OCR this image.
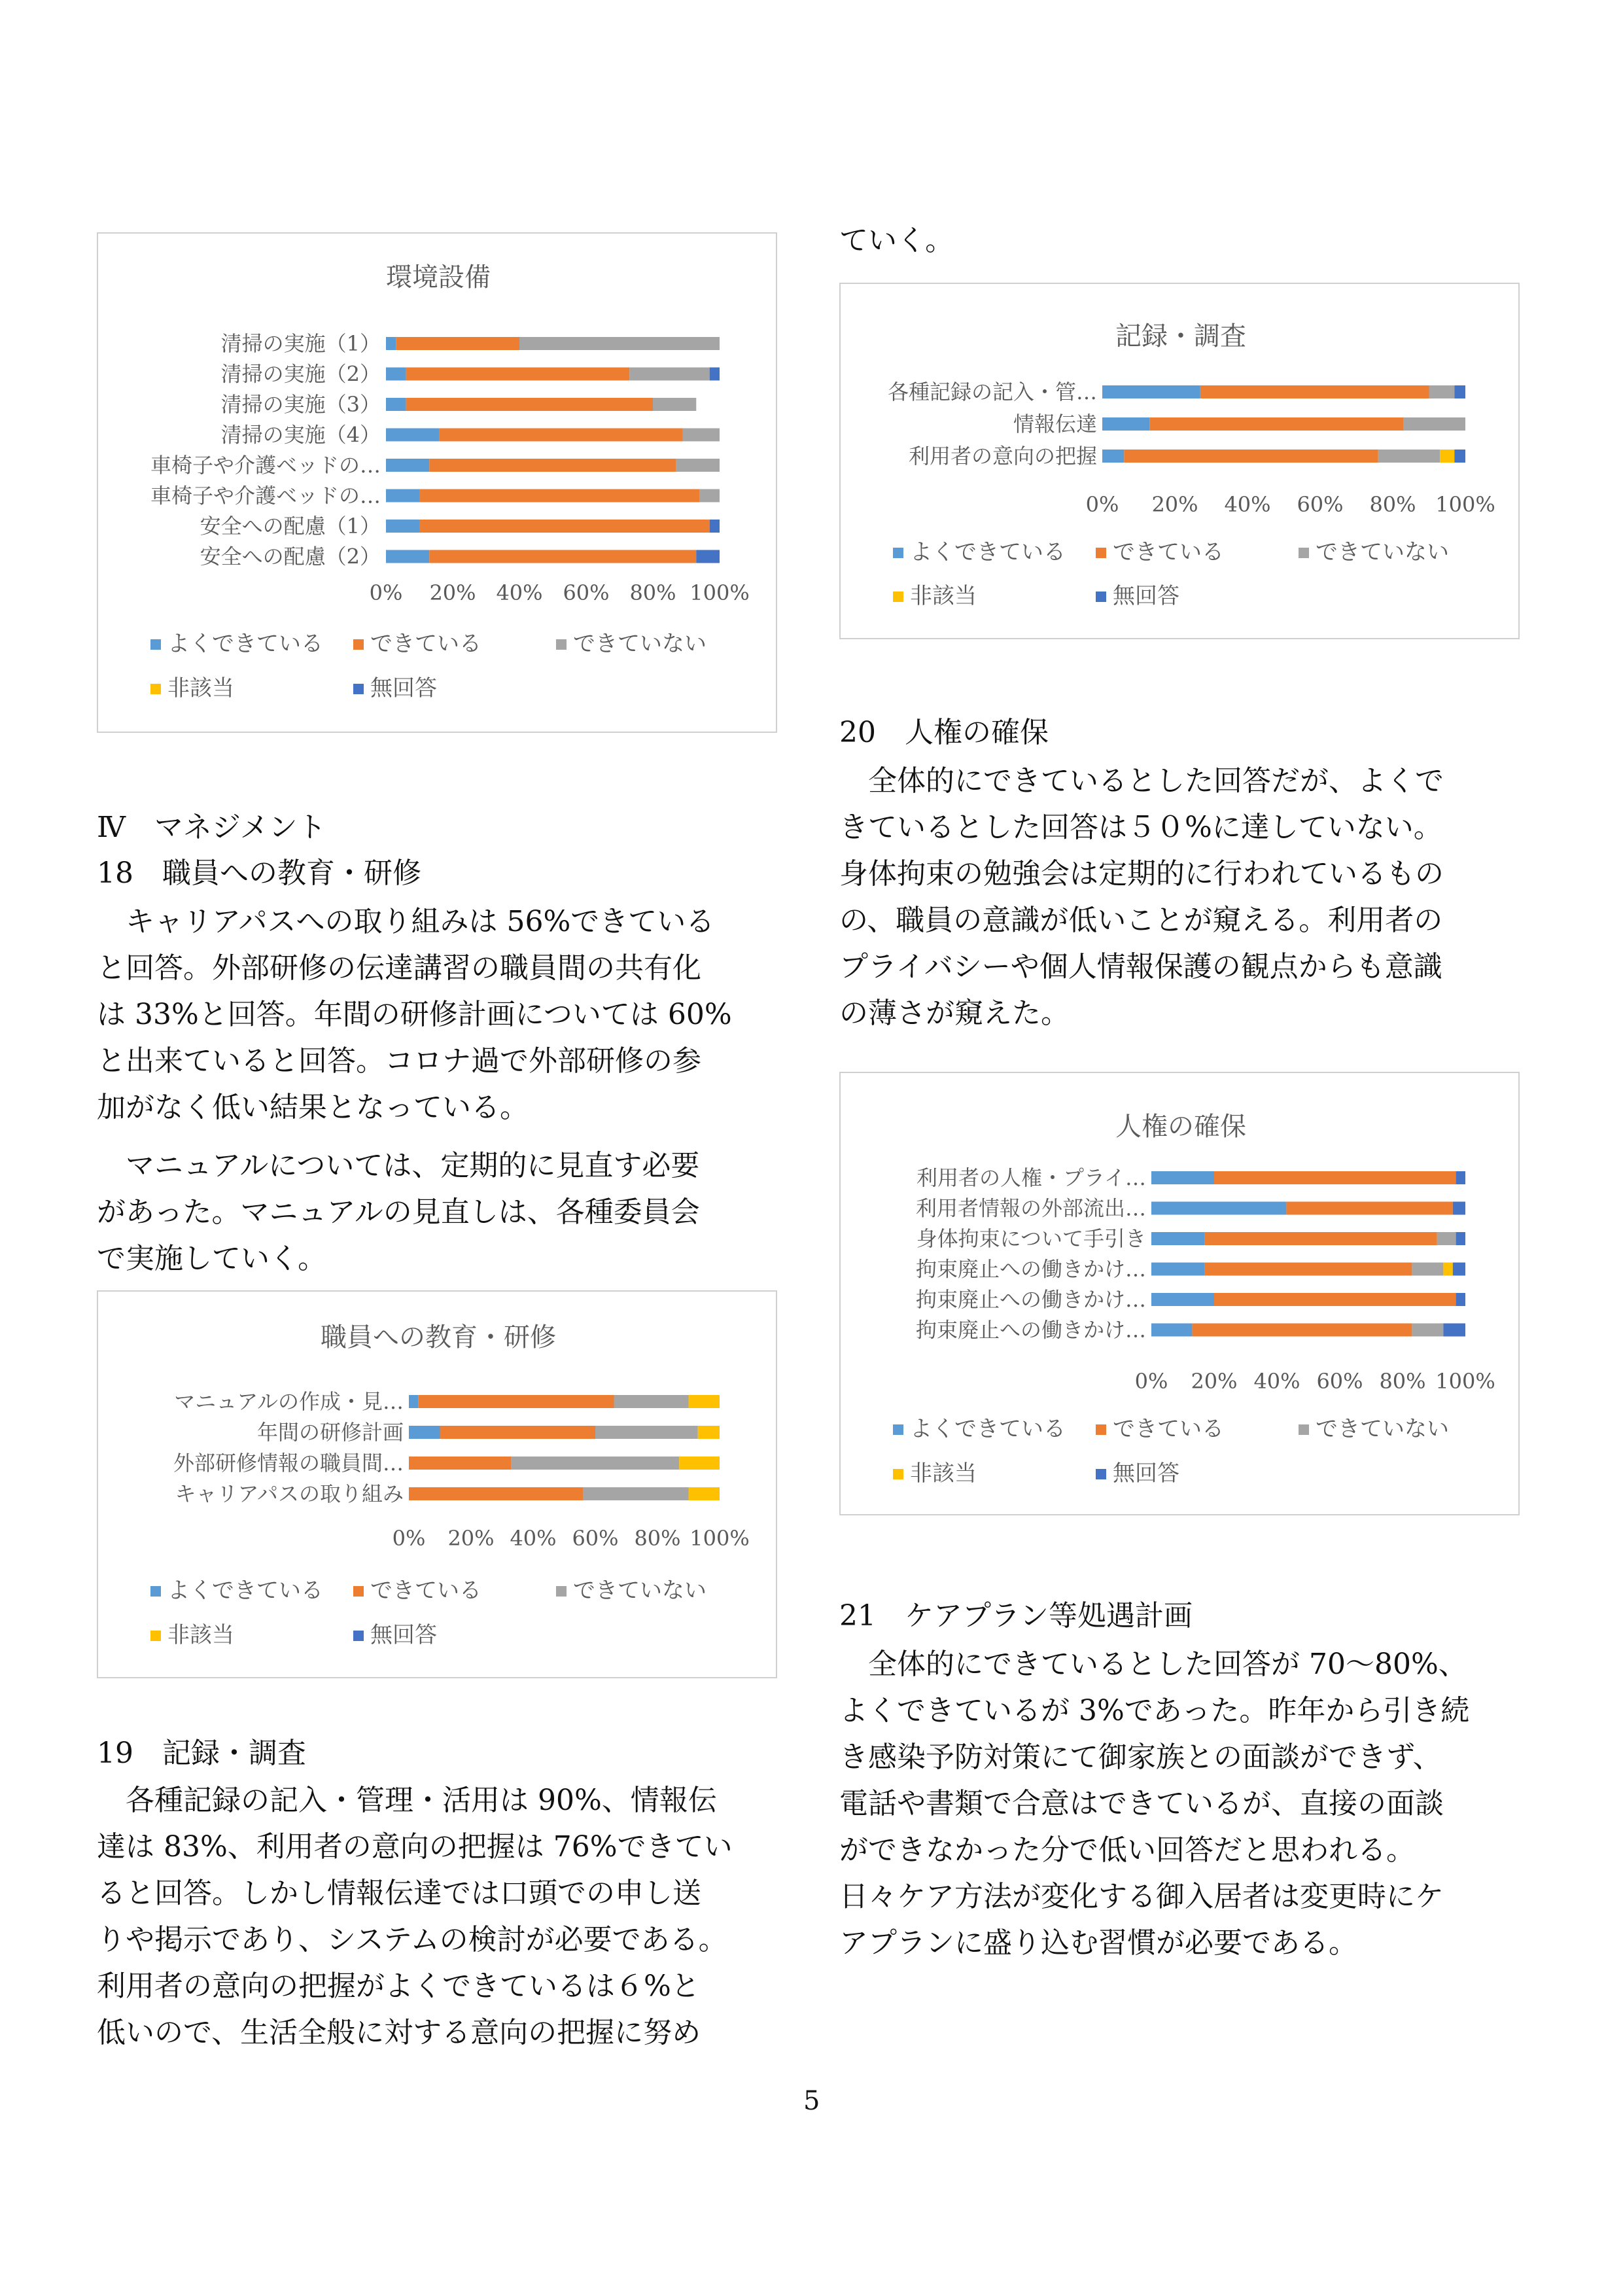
環境設備
清掃の実施（1）
清掃の実施（2）
清掃の実施（3）
清掃の実施（4）
車椅子や介護ベッドの…
車椅子や介護ベッドの…
安全への配慮（1）
安全への配慮（2）
0% 20% 40% 60% 80% 100%
よくできている できている	できていない
非該当	無回答
Ⅳ　マネジメント
18　職員への教育・研修
　キャリアパスへの取り組みは 56%できている
と回答。外部研修の伝達講習の職員間の共有化
は 33%と回答。年間の研修計画については 60%
と出来ていると回答。コロナ過で外部研修の参
加がなく低い結果となっている。
　マニュアルについては、定期的に見直す必要
があった。マニュアルの見直しは、各種委員会
で実施していく。
職員への教育・研修
マニュアルの作成・見…
年間の研修計画
外部研修情報の職員間…
キャリアパスの取り組み
0% 20% 40% 60% 80% 100%
よくできている できている	できていない
非該当	無回答
19　記録・調査
　各種記録の記入・管理・活用は 90%、情報伝
達は 83%、利用者の意向の把握は 76%できてい
ると回答。しかし情報伝達では口頭での申し送
りや掲示であり、システムの検討が必要である。
利用者の意向の把握がよくできているは６%と
低いので、生活全般に対する意向の把握に努め
ていく。
記録・調査
各種記録の記入・管…
情報伝達
利用者の意向の把握
0% 20% 40% 60% 80% 100%
よくできている できている	できていない
非該当	無回答
20　人権の確保
　全体的にできているとした回答だが、よくで
きているとした回答は５０%に達していない。
身体拘束の勉強会は定期的に行われているもの
の、職員の意識が低いことが窺える。利用者の
プライバシーや個人情報保護の観点からも意識
の薄さが窺えた。
人権の確保
利用者の人権・プライ…
利用者情報の外部流出…
身体拘束について手引き
拘束廃止への働きかけ…
拘束廃止への働きかけ…
拘束廃止への働きかけ…
0% 20% 40% 60% 80% 100%
よくできている できている	できていない
非該当	無回答
21　ケアプラン等処遇計画
　全体的にできているとした回答が 70～80%、
よくできているが 3%であった。昨年から引き続
き感染予防対策にて御家族との面談ができず、
電話や書類で合意はできているが、直接の面談
ができなかった分で低い回答だと思われる。
日々ケア方法が変化する御入居者は変更時にケ
アプランに盛り込む習慣が必要である。
5
